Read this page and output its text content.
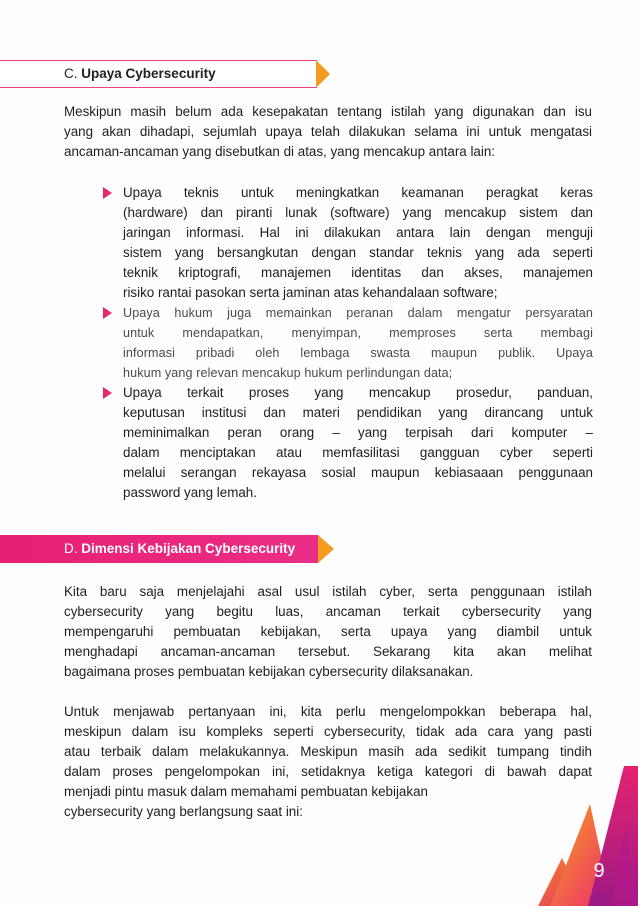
C. Upaya Cybersecurity
Meskipun masih belum ada kesepakatan tentang istilah yang digunakan dan isu
yang akan dihadapi, sejumlah upaya telah dilakukan selama ini untuk mengatasi
ancaman-ancaman yang disebutkan di atas, yang mencakup antara lain:
Upaya teknis untuk meningkatkan keamanan peragkat keras
(hardware) dan piranti lunak (software) yang mencakup sistem dan
jaringan informasi. Hal ini dilakukan antara lain dengan menguji
sistem yang bersangkutan dengan standar teknis yang ada seperti
teknik kriptografi, manajemen identitas dan akses, manajemen
risiko rantai pasokan serta jaminan atas kehandalaan software;
Upaya hukum juga memainkan peranan dalam mengatur persyaratan
untuk mendapatkan, menyimpan, memproses serta membagi
informasi pribadi oleh lembaga swasta maupun publik. Upaya
hukum yang relevan mencakup hukum perlindungan data;
Upaya terkait proses yang mencakup prosedur, panduan,
keputusan institusi dan materi pendidikan yang dirancang untuk
meminimalkan peran orang – yang terpisah dari komputer –
dalam menciptakan atau memfasilitasi gangguan cyber seperti
melalui serangan rekayasa sosial maupun kebiasaaan penggunaan
password yang lemah.
D. Dimensi Kebijakan Cybersecurity
Kita baru saja menjelajahi asal usul istilah cyber, serta penggunaan istilah
cybersecurity yang begitu luas, ancaman terkait cybersecurity yang
mempengaruhi pembuatan kebijakan, serta upaya yang diambil untuk
menghadapi ancaman-ancaman tersebut. Sekarang kita akan melihat
bagaimana proses pembuatan kebijakan cybersecurity dilaksanakan.
Untuk menjawab pertanyaan ini, kita perlu mengelompokkan beberapa hal,
meskipun dalam isu kompleks seperti cybersecurity, tidak ada cara yang pasti
atau terbaik dalam melakukannya. Meskipun masih ada sedikit tumpang tindih
dalam proses pengelompokan ini, setidaknya ketiga kategori di bawah dapat
menjadi pintu masuk dalam memahami pembuatan kebijakan
cybersecurity yang berlangsung saat ini:
9
